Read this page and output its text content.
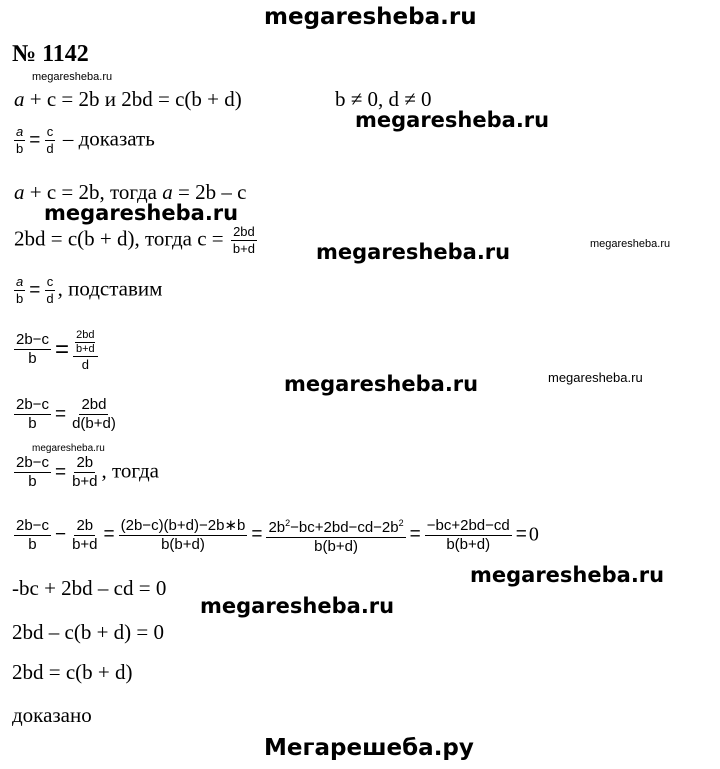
megaresheba.ru
№ 1142
megaresheba.ru
a + c = 2b и 2bd = c(b + d)	b ≠ 0, d ≠ 0
megaresheba.ru
$\frac{a}{b} = \frac{c}{d}$ – доказать
a + c = 2b, тогда a = 2b – c
megaresheba.ru
2bd = c(b + d), тогда $c = \frac{2bd}{b+d}$	megaresheba.ru	megaresheba.ru
$\frac{a}{b} = \frac{c}{d}$ , подставим
$\frac{2b-c}{b} = \frac{\frac{2bd}{b+d}}{d}$
megaresheba.ru	megaresheba.ru
$\frac{2b-c}{b} = \frac{2bd}{d(b+d)}$
megaresheba.ru
$\frac{2b-c}{b} = \frac{2b}{b+d}$ , тогда
$\frac{2b-c}{b} - \frac{2b}{b+d} = \frac{(2b-c)(b+d)-2b∗b}{b(b+d)} = \frac{2b^2-bc+2bd-cd-2b^2}{b(b+d)} = \frac{-bc+2bd-cd}{b(b+d)} = 0$
megaresheba.ru
-bc + 2bd – cd = 0
megaresheba.ru
2bd – c(b + d) = 0
2bd = c(b + d)
доказано
Мегарешеба.ру
